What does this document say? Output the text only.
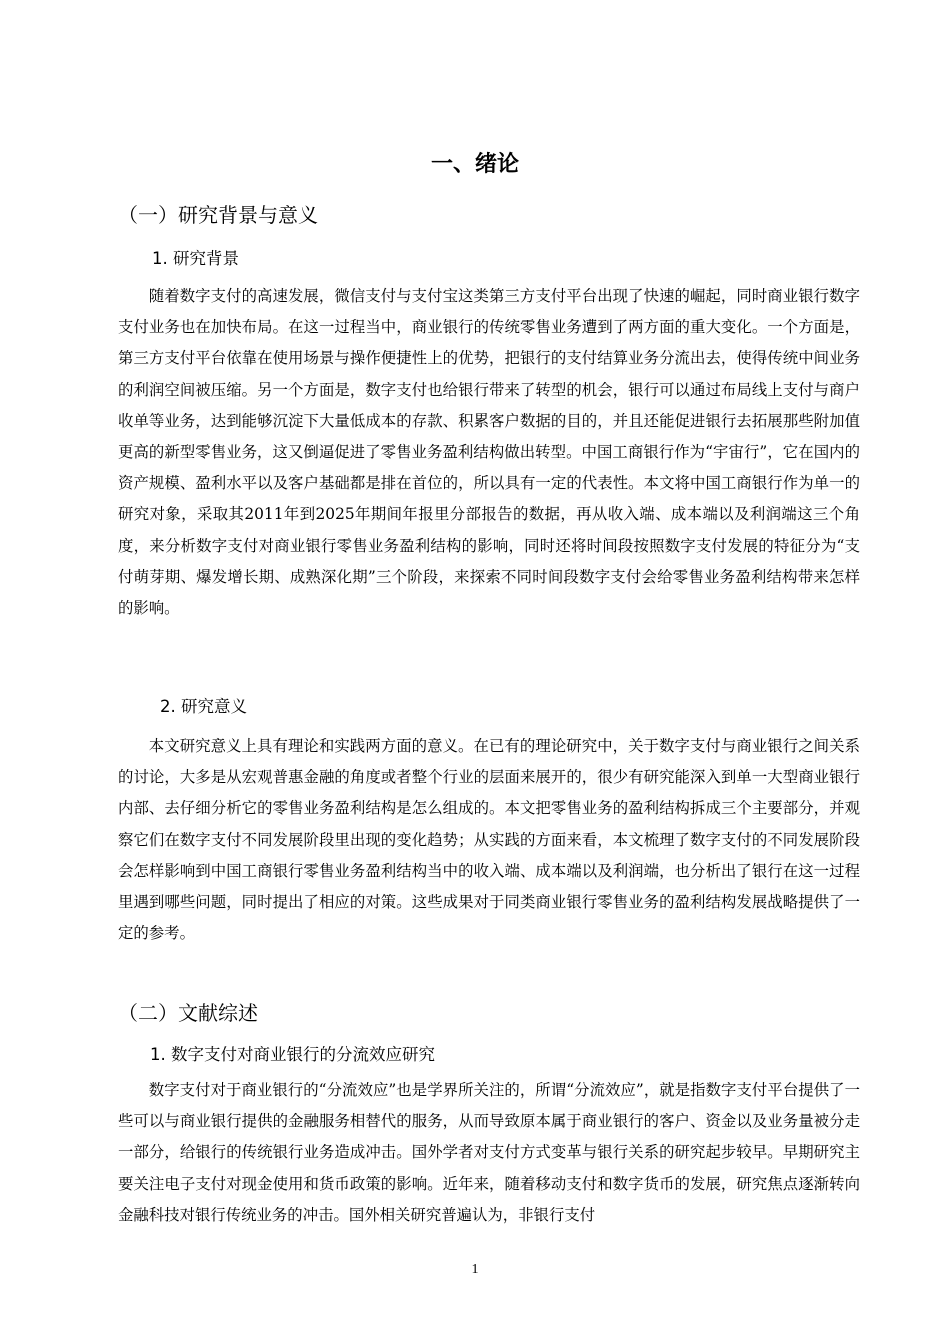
一、绪论
（一）研究背景与意义
1. 研究背景

随着数字支付的高速发展，微信支付与支付宝这类第三方支付平台出现了快速的崛起，同时商业银行数字支付业务也在加快布局。在这一过程当中，商业银行的传统零售业务遭到了两方面的重大变化。一个方面是，第三方支付平台依靠在使用场景与操作便捷性上的优势，把银行的支付结算业务分流出去，使得传统中间业务的利润空间被压缩。另一个方面是，数字支付也给银行带来了转型的机会，银行可以通过布局线上支付与商户收单等业务，达到能够沉淀下大量低成本的存款、积累客户数据的目的，并且还能促进银行去拓展那些附加值更高的新型零售业务，这又倒逼促进了零售业务盈利结构做出转型。中国工商银行作为“宇宙行”，它在国内的资产规模、盈利水平以及客户基础都是排在首位的，所以具有一定的代表性。本文将中国工商银行作为单一的研究对象，采取其2011年到2025年期间年报里分部报告的数据，再从收入端、成本端以及利润端这三个角度，来分析数字支付对商业银行零售业务盈利结构的影响，同时还将时间段按照数字支付发展的特征分为“支付萌芽期、爆发增长期、成熟深化期”三个阶段，来探索不同时间段数字支付会给零售业务盈利结构带来怎样的影响。

2. 研究意义

本文研究意义上具有理论和实践两方面的意义。在已有的理论研究中，关于数字支付与商业银行之间关系的讨论，大多是从宏观普惠金融的角度或者整个行业的层面来展开的，很少有研究能深入到单一大型商业银行内部、去仔细分析它的零售业务盈利结构是怎么组成的。本文把零售业务的盈利结构拆成三个主要部分，并观察它们在数字支付不同发展阶段里出现的变化趋势；从实践的方面来看，本文梳理了数字支付的不同发展阶段会怎样影响到中国工商银行零售业务盈利结构当中的收入端、成本端以及利润端，也分析出了银行在这一过程里遇到哪些问题，同时提出了相应的对策。这些成果对于同类商业银行零售业务的盈利结构发展战略提供了一定的参考。

（二）文献综述
1. 数字支付对商业银行的分流效应研究

数字支付对于商业银行的“分流效应”也是学界所关注的，所谓“分流效应”，就是指数字支付平台提供了一些可以与商业银行提供的金融服务相替代的服务，从而导致原本属于商业银行的客户、资金以及业务量被分走一部分，给银行的传统银行业务造成冲击。国外学者对支付方式变革与银行关系的研究起步较早。早期研究主要关注电子支付对现金使用和货币政策的影响。近年来，随着移动支付和数字货币的发展，研究焦点逐渐转向金融科技对银行传统业务的冲击。国外相关研究普遍认为，非银行支付

1
